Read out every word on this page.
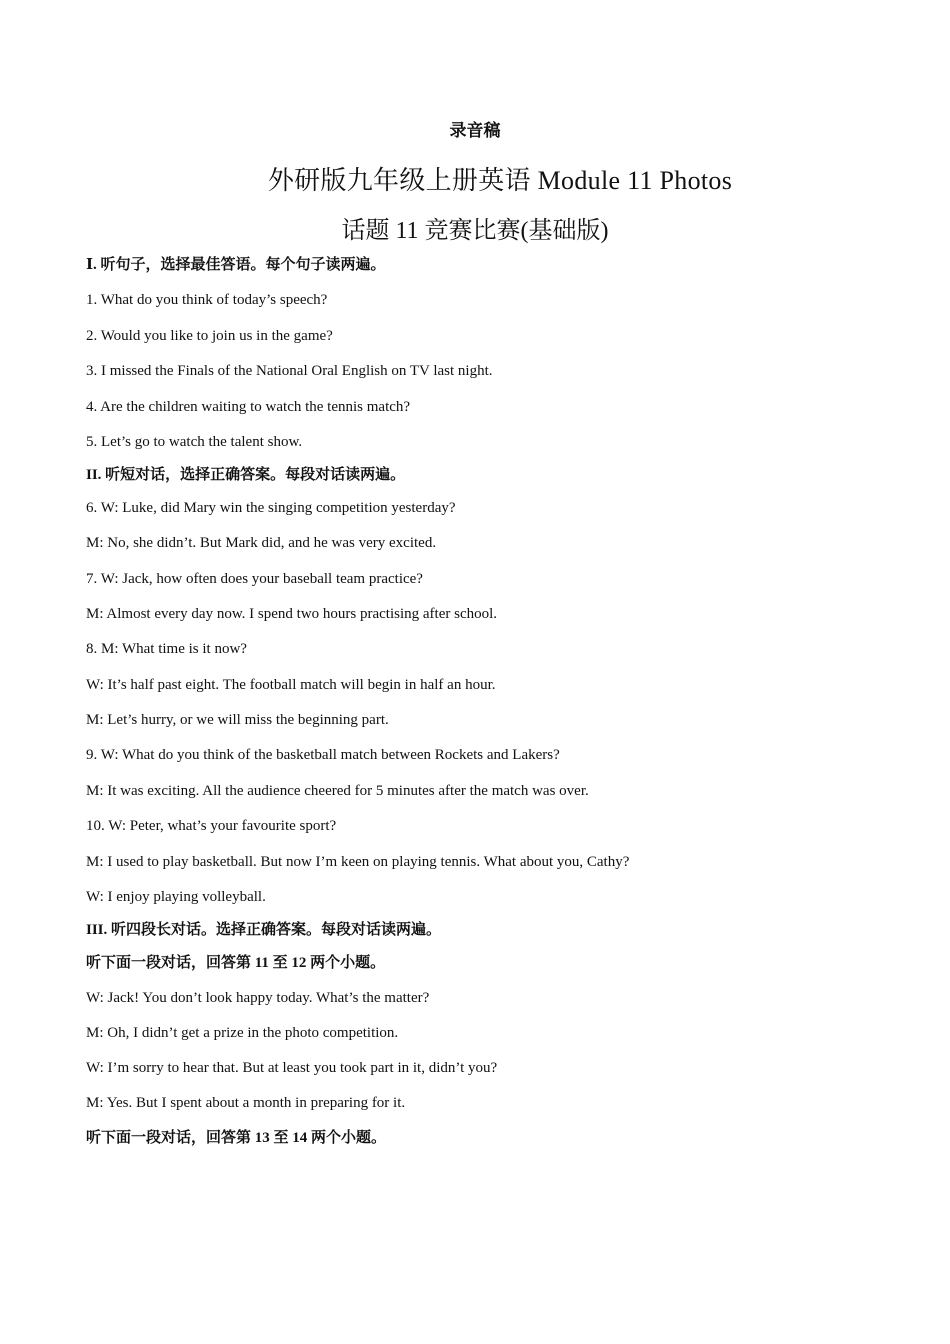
录音稿
外研版九年级上册英语 Module 11 Photos
话题 11 竞赛比赛(基础版)
Ⅰ. 听句子，选择最佳答语。每个句子读两遍。
1. What do you think of today’s speech?
2. Would you like to join us in the game?
3. I missed the Finals of the National Oral English on TV last night.
4. Are the children waiting to watch the tennis match?
5. Let’s go to watch the talent show.
II. 听短对话，选择正确答案。每段对话读两遍。
6. W: Luke, did Mary win the singing competition yesterday?
M: No, she didn’t. But Mark did, and he was very excited.
7. W: Jack, how often does your baseball team practice?
M: Almost every day now. I spend two hours practising after school.
8. M: What time is it now?
W: It’s half past eight. The football match will begin in half an hour.
M: Let’s hurry, or we will miss the beginning part.
9. W: What do you think of the basketball match between Rockets and Lakers?
M: It was exciting. All the audience cheered for 5 minutes after the match was over.
10. W: Peter, what’s your favourite sport?
M: I used to play basketball. But now I’m keen on playing tennis. What about you, Cathy?
W: I enjoy playing volleyball.
III. 听四段长对话。选择正确答案。每段对话读两遍。
听下面一段对话，回答第 11 至 12 两个小题。
W: Jack! You don’t look happy today. What’s the matter?
M: Oh, I didn’t get a prize in the photo competition.
W: I’m sorry to hear that. But at least you took part in it, didn’t you?
M: Yes. But I spent about a month in preparing for it.
听下面一段对话，回答第 13 至 14 两个小题。
